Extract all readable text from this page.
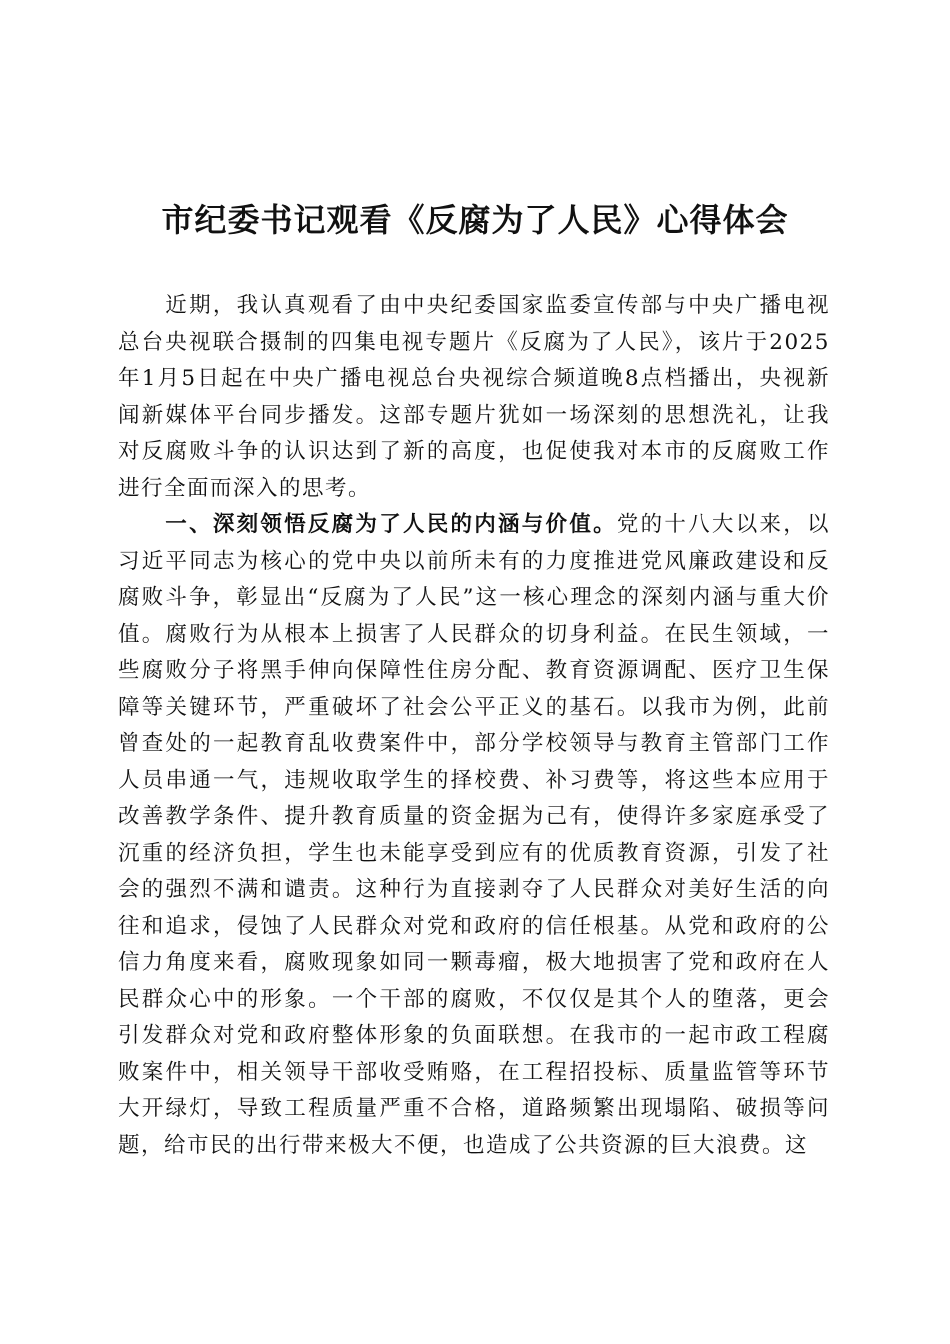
市纪委书记观看《反腐为了人民》心得体会

近期，我认真观看了由中央纪委国家监委宣传部与中央广播电视总台央视联合摄制的四集电视专题片《反腐为了人民》，该片于2025年1月5日起在中央广播电视总台央视综合频道晚8点档播出，央视新闻新媒体平台同步播发。这部专题片犹如一场深刻的思想洗礼，让我对反腐败斗争的认识达到了新的高度，也促使我对本市的反腐败工作进行全面而深入的思考。

一、深刻领悟反腐为了人民的内涵与价值。党的十八大以来，以习近平同志为核心的党中央以前所未有的力度推进党风廉政建设和反腐败斗争，彰显出“反腐为了人民”这一核心理念的深刻内涵与重大价值。腐败行为从根本上损害了人民群众的切身利益。在民生领域，一些腐败分子将黑手伸向保障性住房分配、教育资源调配、医疗卫生保障等关键环节，严重破坏了社会公平正义的基石。以我市为例，此前曾查处的一起教育乱收费案件中，部分学校领导与教育主管部门工作人员串通一气，违规收取学生的择校费、补习费等，将这些本应用于改善教学条件、提升教育质量的资金据为己有，使得许多家庭承受了沉重的经济负担，学生也未能享受到应有的优质教育资源，引发了社会的强烈不满和谴责。这种行为直接剥夺了人民群众对美好生活的向往和追求，侵蚀了人民群众对党和政府的信任根基。从党和政府的公信力角度来看，腐败现象如同一颗毒瘤，极大地损害了党和政府在人民群众心中的形象。一个干部的腐败，不仅仅是其个人的堕落，更会引发群众对党和政府整体形象的负面联想。在我市的一起市政工程腐败案件中，相关领导干部收受贿赂，在工程招投标、质量监管等环节大开绿灯，导致工程质量严重不合格，道路频繁出现塌陷、破损等问题，给市民的出行带来极大不便，也造成了公共资源的巨大浪费。这
